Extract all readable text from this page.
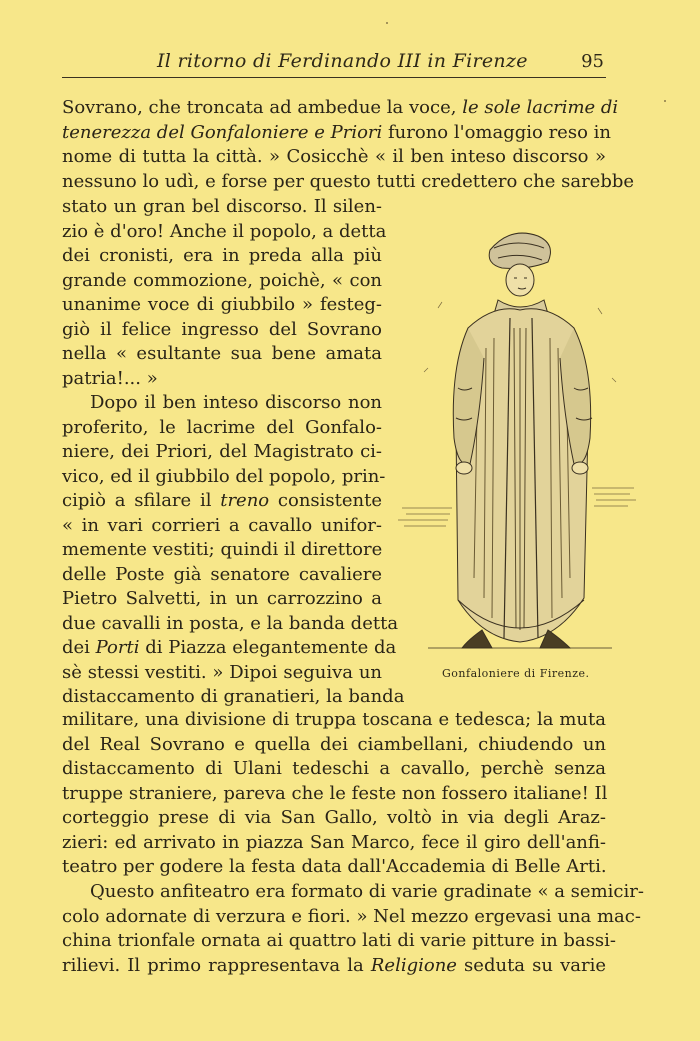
Il ritorno di Ferdinando III in Firenze	95
Sovrano, che troncata ad ambedue la voce, le sole lacrime di
tenerezza del Gonfaloniere e Priori furono l'omaggio reso in
nome di tutta la città. » Cosicchè « il ben inteso discorso »
nessuno lo udì, e forse per questo tutti credettero che sarebbe
stato un gran bel discorso. Il silen-
zio è d'oro! Anche il popolo, a detta
dei cronisti, era in preda alla più
grande commozione, poichè, « con
unanime voce di giubbilo » festeg-
giò il felice ingresso del Sovrano
nella « esultante sua bene amata
patria!... »
Dopo il ben inteso discorso non
proferito, le lacrime del Gonfalo-
niere, dei Priori, del Magistrato ci-
vico, ed il giubbilo del popolo, prin-
cipiò a sfilare il treno consistente
« in vari corrieri a cavallo unifor-
memente vestiti; quindi il direttore
delle Poste già senatore cavaliere
Pietro Salvetti, in un carrozzino a
due cavalli in posta, e la banda detta
dei Porti di Piazza elegantemente da
sè stessi vestiti. » Dipoi seguiva un
distaccamento di granatieri, la banda
Gonfaloniere di Firenze.
militare, una divisione di truppa toscana e tedesca; la muta
del Real Sovrano e quella dei ciambellani, chiudendo un
distaccamento di Ulani tedeschi a cavallo, perchè senza
truppe straniere, pareva che le feste non fossero italiane! Il
corteggio prese di via San Gallo, voltò in via degli Araz-
zieri: ed arrivato in piazza San Marco, fece il giro dell'anfi-
teatro per godere la festa data dall'Accademia di Belle Arti.
Questo anfiteatro era formato di varie gradinate « a semicir-
colo adornate di verzura e fiori. » Nel mezzo ergevasi una mac-
china trionfale ornata ai quattro lati di varie pitture in bassi-
rilievi. Il primo rappresentava la Religione seduta su varie
